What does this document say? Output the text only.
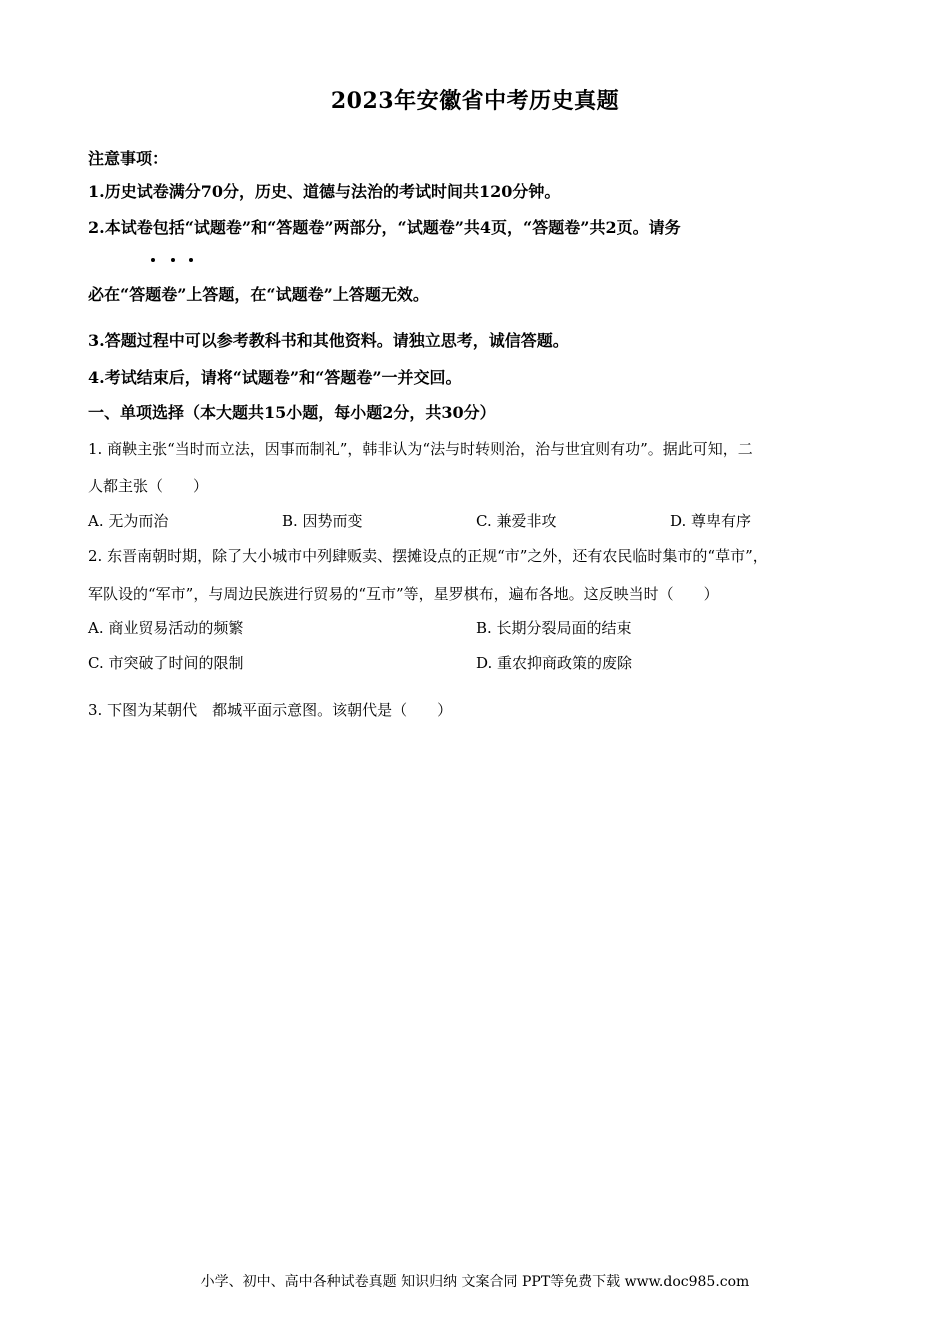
2023年安徽省中考历史真题
注意事项：
1.历史试卷满分70分，历史、道德与法治的考试时间共120分钟。
2.本试卷包括“试题卷”和“答题卷”两部分，“试题卷”共4页，“答题卷”共2页。请务
必在“答题卷”上答题，在“试题卷”上答题无效。
3.答题过程中可以参考教科书和其他资料。请独立思考，诚信答题。
4.考试结束后，请将“试题卷”和“答题卷”一并交回。
一、单项选择（本大题共15小题，每小题2分，共30分）
1. 商鞅主张“当时而立法，因事而制礼”，韩非认为“法与时转则治，治与世宜则有功”。据此可知，二
人都主张（　　）
A. 无为而治	B. 因势而变	C. 兼爱非攻	D. 尊卑有序
2. 东晋南朝时期，除了大小城市中列肆贩卖、摆摊设点的正规“市”之外，还有农民临时集市的“草市”，
军队设的“军市”，与周边民族进行贸易的“互市”等，星罗棋布，遍布各地。这反映当时（　　）
A. 商业贸易活动的频繁	B. 长期分裂局面的结束
C. 市突破了时间的限制	D. 重农抑商政策的废除
3. 下图为某朝代　都城平面示意图。该朝代是（　　）
小学、初中、高中各种试卷真题 知识归纳 文案合同 PPT等免费下载 www.doc985.com
